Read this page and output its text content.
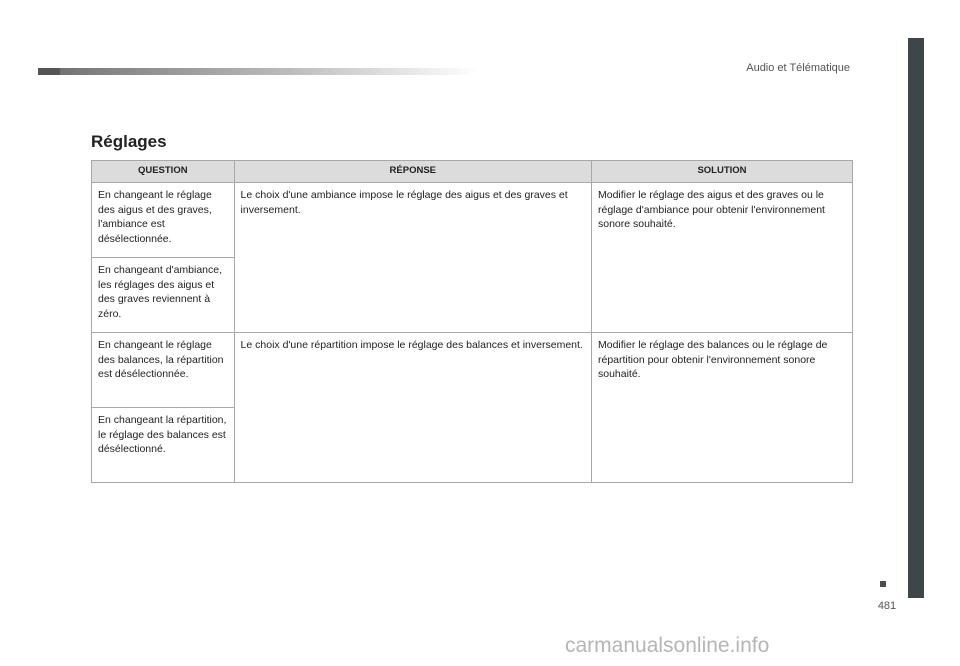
Audio et Télématique
481
Réglages
QUESTION	RÉPONSE	SOLUTION
En changeant le réglage des aigus et des graves, l'ambiance est désélectionnée.	Le choix d'une ambiance impose le réglage des aigus et des graves et inversement.	Modifier le réglage des aigus et des graves ou le réglage d'ambiance pour obtenir l'environnement sonore souhaité.
En changeant d'ambiance, les réglages des aigus et des graves reviennent à zéro.		
En changeant le réglage des balances, la répartition est désélectionnée.	Le choix d'une répartition impose le réglage des balances et inversement.	Modifier le réglage des balances ou le réglage de répartition pour obtenir l'environnement sonore souhaité.
En changeant la répartition, le réglage des balances est désélectionné.		
carmanualsonline.info
